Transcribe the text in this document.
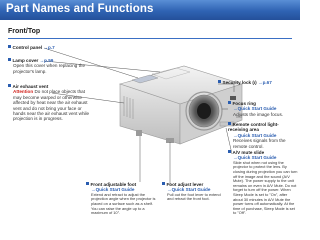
Part Names and Functions
Front/Top
Control panel →p.7
Lamp cover →p.59
Open this cover when replacing the projector's lamp.
Air exhaust vent
Attention Do not place objects that may become warped or otherwise affected by heat near the air exhaust vent and do not bring your face or hands near the air exhaust vent while projection is in progress.
Security lock (ı) →p.67
Focus ring
→Quick Start Guide
Adjusts the image focus.
Remote control light-receiving area
→Quick Start Guide
Receives signals from the remote control.
A/V mute slide
→Quick Start Guide
Slide shut when not using the projector to protect the lens. By closing during projection you can turn off the image and the sound (A/V Mute). The power supply to the unit remains on even in A/V Mute. Do not forget to turn off the power. When Sleep Mode is set to "On", after about 30 minutes in A/V Mute the power turns off automatically. At the time of purchase, Sleep Mode is set to "Off".
Front adjustable foot
→Quick Start Guide
Extend and retract to adjust the projection angle when the projector is placed on a surface such as a shelf. You can raise the angle up to a maximum of 10°.
Foot adjust lever
→Quick Start Guide
Pull out the foot lever to extend and retract the front foot.
